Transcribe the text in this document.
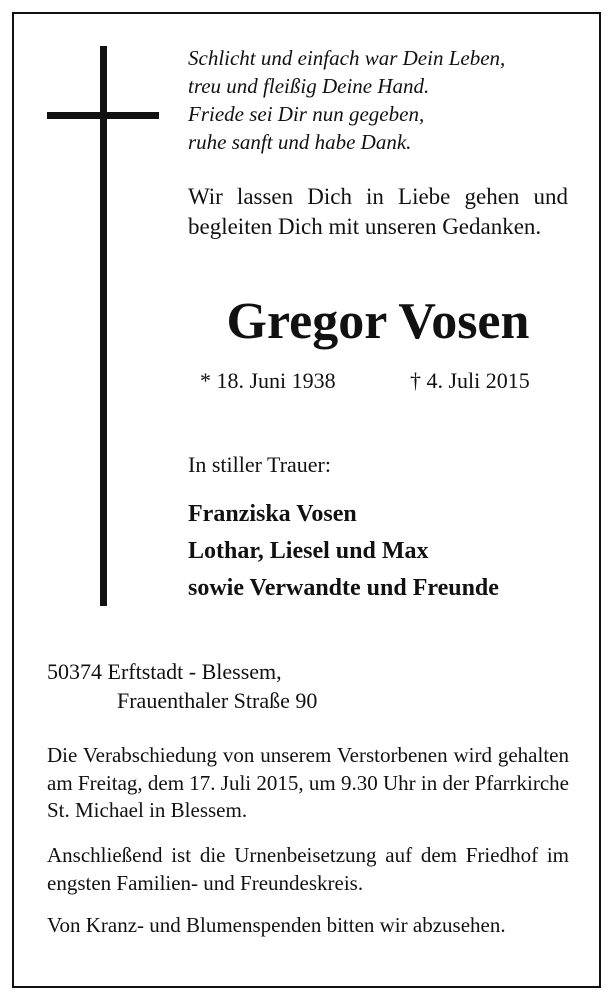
Schlicht und einfach war Dein Leben,
treu und fleißig Deine Hand.
Friede sei Dir nun gegeben,
ruhe sanft und habe Dank.
Wir lassen Dich in Liebe gehen und begleiten Dich mit unseren Gedanken.
Gregor Vosen
* 18. Juni 1938	† 4. Juli 2015
In stiller Trauer:
Franziska Vosen
Lothar, Liesel und Max
sowie Verwandte und Freunde
50374 Erftstadt - Blessem,
Frauenthaler Straße 90
Die Verabschiedung von unserem Verstorbenen wird gehalten am Freitag, dem 17. Juli 2015, um 9.30 Uhr in der Pfarrkirche St. Michael in Blessem.
Anschließend ist die Urnenbeisetzung auf dem Friedhof im engsten Familien- und Freundeskreis.
Von Kranz- und Blumenspenden bitten wir abzusehen.
